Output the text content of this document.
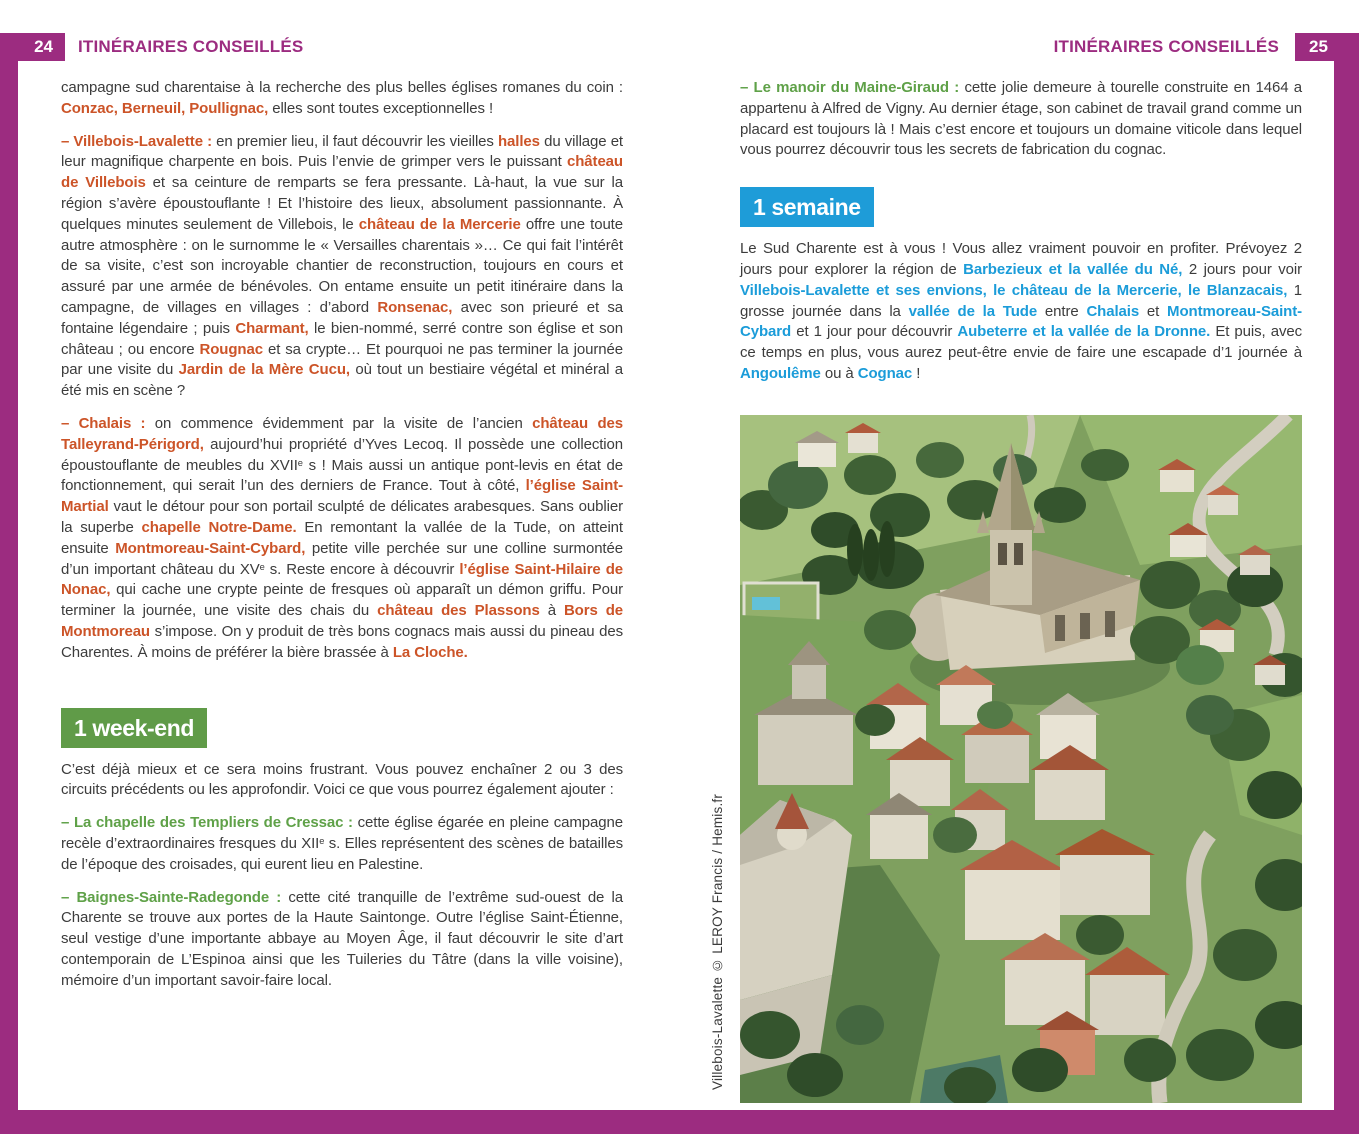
campagne sud charentaise à la recherche des plus belles églises romanes du coin : Conzac, Berneuil, Poullignac, elles sont toutes exceptionnelles !

– Villebois-Lavalette : en premier lieu, il faut découvrir les vieilles halles du village et leur magnifique charpente en bois. Puis l’envie de grimper vers le puissant château de Villebois et sa ceinture de remparts se fera pressante. Là-haut, la vue sur la région s’avère époustouflante ! Et l’histoire des lieux, absolument passionnante. À quelques minutes seulement de Villebois, le château de la Mercerie offre une toute autre atmosphère : on le surnomme le « Versailles charentais »… Ce qui fait l’intérêt de sa visite, c’est son incroyable chantier de reconstruction, toujours en cours et assuré par une armée de bénévoles. On entame ensuite un petit itinéraire dans la campagne, de villages en villages : d’abord Ronsenac, avec son prieuré et sa fontaine légendaire ; puis Charmant, le bien-nommé, serré contre son église et son château ; ou encore Rougnac et sa crypte… Et pourquoi ne pas terminer la journée par une visite du Jardin de la Mère Cucu, où tout un bestiaire végétal et minéral a été mis en scène ?

– Chalais : on commence évidemment par la visite de l’ancien château des Talleyrand-Périgord, aujourd’hui propriété d’Yves Lecoq. Il possède une collection époustouflante de meubles du XVIIe s ! Mais aussi un antique pont-levis en état de fonctionnement, qui serait l’un des derniers de France. Tout à côté, l’église Saint-Martial vaut le détour pour son portail sculpté de délicates arabesques. Sans oublier la superbe chapelle Notre-Dame. En remontant la vallée de la Tude, on atteint ensuite Montmoreau-Saint-Cybard, petite ville perchée sur une colline surmontée d’un important château du XVe s. Reste encore à découvrir l’église Saint-Hilaire de Nonac, qui cache une crypte peinte de fresques où apparaît un démon griffu. Pour terminer la journée, une visite des chais du château des Plassons à Bors de Montmoreau s’impose. On y produit de très bons cognacs mais aussi du pineau des Charentes. À moins de préférer la bière brassée à La Cloche.

1 week-end

C’est déjà mieux et ce sera moins frustrant. Vous pouvez enchaîner 2 ou 3 des circuits précédents ou les approfondir. Voici ce que vous pourrez également ajouter :

– La chapelle des Templiers de Cressac : cette église égarée en pleine campagne recèle d’extraordinaires fresques du XIIe s. Elles représentent des scènes de batailles de l’époque des croisades, qui eurent lieu en Palestine.

– Baignes-Sainte-Radegonde : cette cité tranquille de l’extrême sud-ouest de la Charente se trouve aux portes de la Haute Saintonge. Outre l’église Saint-Étienne, seul vestige d’une importante abbaye au Moyen Âge, il faut découvrir le site d’art contemporain de L’Espinoa ainsi que les Tuileries du Tâtre (dans la ville voisine), mémoire d’un important savoir-faire local.

– Le manoir du Maine-Giraud : cette jolie demeure à tourelle construite en 1464 a appartenu à Alfred de Vigny. Au dernier étage, son cabinet de travail grand comme un placard est toujours là ! Mais c’est encore et toujours un domaine viticole dans lequel vous pourrez découvrir tous les secrets de fabrication du cognac.

1 semaine

Le Sud Charente est à vous ! Vous allez vraiment pouvoir en profiter. Prévoyez 2 jours pour explorer la région de Barbezieux et la vallée du Né, 2 jours pour voir Villebois-Lavalette et ses envions, le château de la Mercerie, le Blanzacais, 1 grosse journée dans la vallée de la Tude entre Chalais et Montmoreau-Saint-Cybard et 1 jour pour découvrir Aubeterre et la vallée de la Dronne. Et puis, avec ce temps en plus, vous aurez peut-être envie de faire une escapade d’1 journée à Angoulême ou à Cognac !

Villebois-Lavalette © LEROY Francis / Hemis.fr
24	ITINÉRAIRES CONSEILLÉS	25
ITINÉRAIRES CONSEILLÉS
